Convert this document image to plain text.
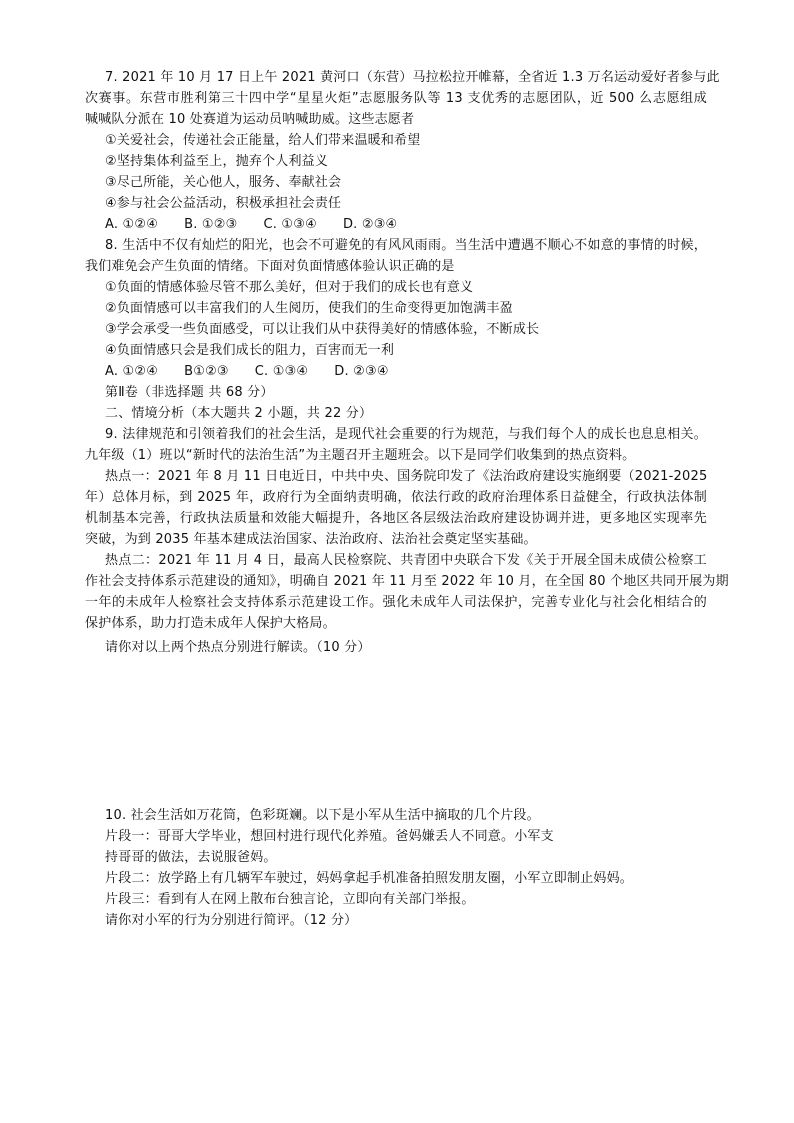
7. 2021 年 10 月 17 日上午 2021 黄河口（东营）马拉松拉开帷幕，全省近 1.3 万名运动爱好者参与此
次赛事。东营市胜利第三十四中学“星星火炬”志愿服务队等 13 支优秀的志愿团队，近 500 么志愿组成
喊喊队分派在 10 处赛道为运动员呐喊助威。这些志愿者
①关爱社会，传递社会正能量，给人们带来温暖和希望
②坚持集体利益至上，抛弃个人利益义
③尽己所能，关心他人，服务、奉献社会
④参与社会公益活动，积极承担社会责任
A. ①②④ B. ①②③ C. ①③④ D. ②③④
8. 生活中不仅有灿烂的阳光，也会不可避免的有风风雨雨。当生活中遭遇不顺心不如意的事情的时候，
我们难免会产生负面的情绪。下面对负面情感体验认识正确的是
①负面的情感体验尽管不那么美好，但对于我们的成长也有意义
②负面情感可以丰富我们的人生阅历，使我们的生命变得更加饱满丰盈
③学会承受一些负面感受，可以让我们从中获得美好的情感体验，不断成长
④负面情感只会是我们成长的阻力，百害而无一利
A. ①②④ B①②③ C. ①③④ D. ②③④
第Ⅱ卷（非选择题 共 68 分）
二、情境分析（本大题共 2 小题，共 22 分）
9. 法律规范和引领着我们的社会生活，是现代社会重要的行为规范，与我们每个人的成长也息息相关。
九年级（1）班以“新时代的法治生活”为主题召开主题班会。以下是同学们收集到的热点资料。
热点一：2021 年 8 月 11 日电近日，中共中央、国务院印发了《法治政府建设实施纲要（2021-2025
年）总体月标，到 2025 年，政府行为全面纳责明确，依法行政的政府治理体系日益健全，行政执法体制
机制基本完善，行政执法质量和效能大幅提升，各地区各层级法治政府建设协调并进，更多地区实现率先
突破，为到 2035 年基本建成法治国家、法治政府、法治社会奠定坚实基础。
热点二：2021 年 11 月 4 日，最高人民检察院、共青团中央联合下发《关于开展全国未成债公检察工
作社会支持体系示范建设的通知》，明确自 2021 年 11 月至 2022 年 10 月，在全国 80 个地区共同开展为期
一年的未成年人检察社会支持体系示范建设工作。强化未成年人司法保护，完善专业化与社会化相结合的
保护体系，助力打造未成年人保护大格局。
请你对以上两个热点分别进行解读。（10 分）
10. 社会生活如万花筒，色彩斑斓。以下是小军从生活中摘取的几个片段。
片段一：哥哥大学毕业，想回村进行现代化养殖。爸妈嫌丢人不同意。小军支
持哥哥的做法，去说服爸妈。
片段二：放学路上有几辆军车驶过，妈妈拿起手机准备拍照发朋友圈，小军立即制止妈妈。
片段三：看到有人在网上散布台独言论，立即向有关部门举报。
请你对小军的行为分别进行简评。（12 分）
